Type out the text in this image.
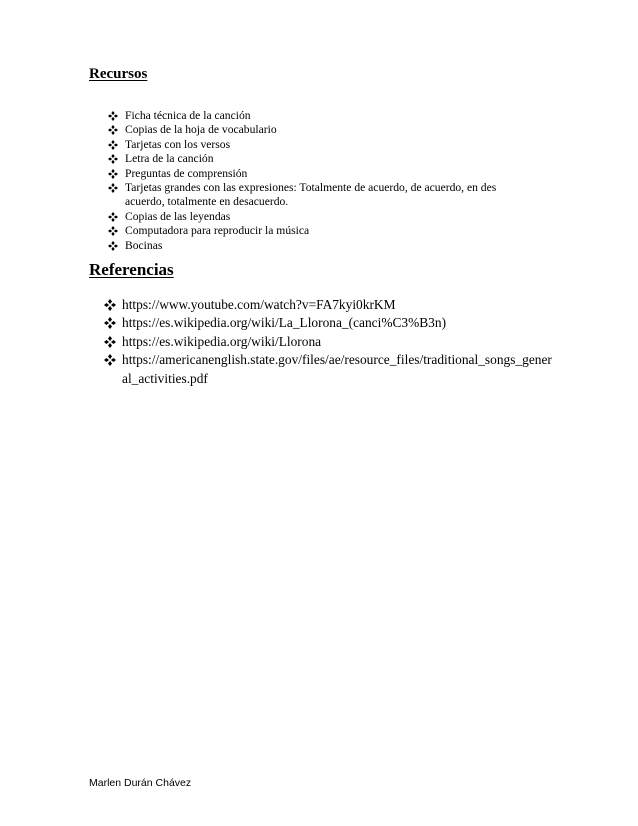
Recursos
Ficha técnica de la canción
Copias de la hoja de vocabulario
Tarjetas con los versos
Letra de la canción
Preguntas de comprensión
Tarjetas grandes con las expresiones: Totalmente de acuerdo, de acuerdo, en des acuerdo, totalmente en desacuerdo.
Copias de las leyendas
Computadora para reproducir la música
Bocinas
Referencias
https://www.youtube.com/watch?v=FA7kyi0krKM
https://es.wikipedia.org/wiki/La_Llorona_(canci%C3%B3n)
https://es.wikipedia.org/wiki/Llorona
https://americanenglish.state.gov/files/ae/resource_files/traditional_songs_general_activities.pdf

Marlen Durán Chávez
